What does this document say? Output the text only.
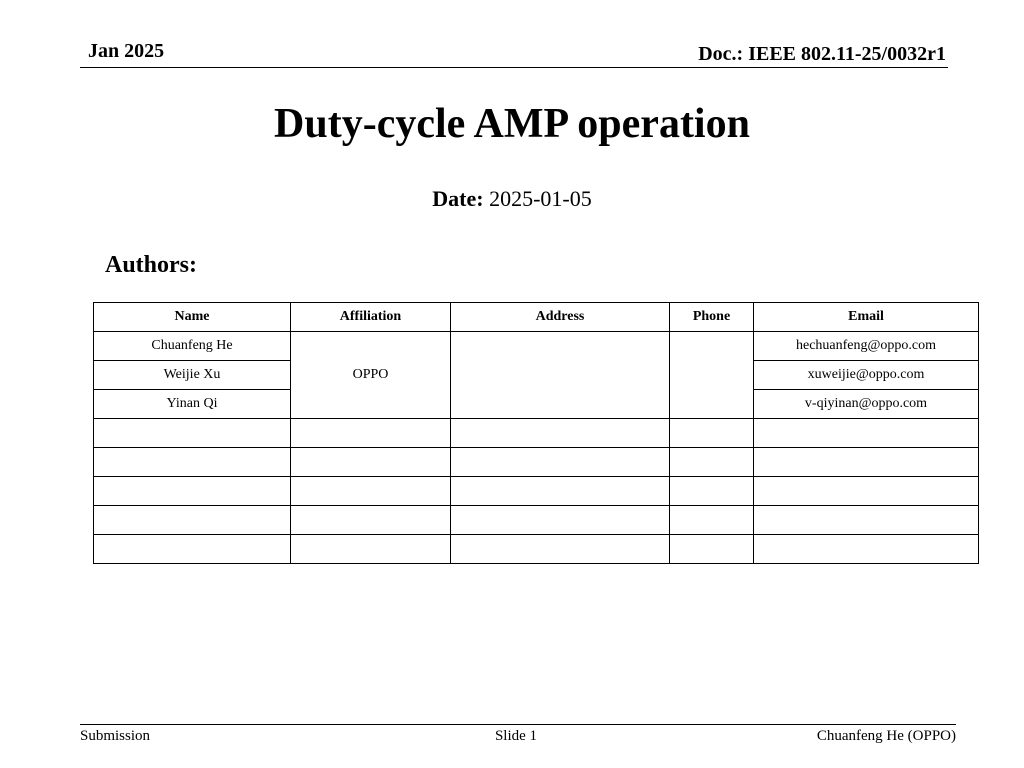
Jan 2025	Doc.: IEEE 802.11-25/0032r1
Duty-cycle AMP operation
Date: 2025-01-05
Authors:
Name	Affiliation	Address	Phone	Email
Chuanfeng He	OPPO			hechuanfeng@oppo.com
Weijie Xu				xuweijie@oppo.com
Yinan Qi				v-qiyinan@oppo.com

Submission	Slide 1	Chuanfeng He (OPPO)
